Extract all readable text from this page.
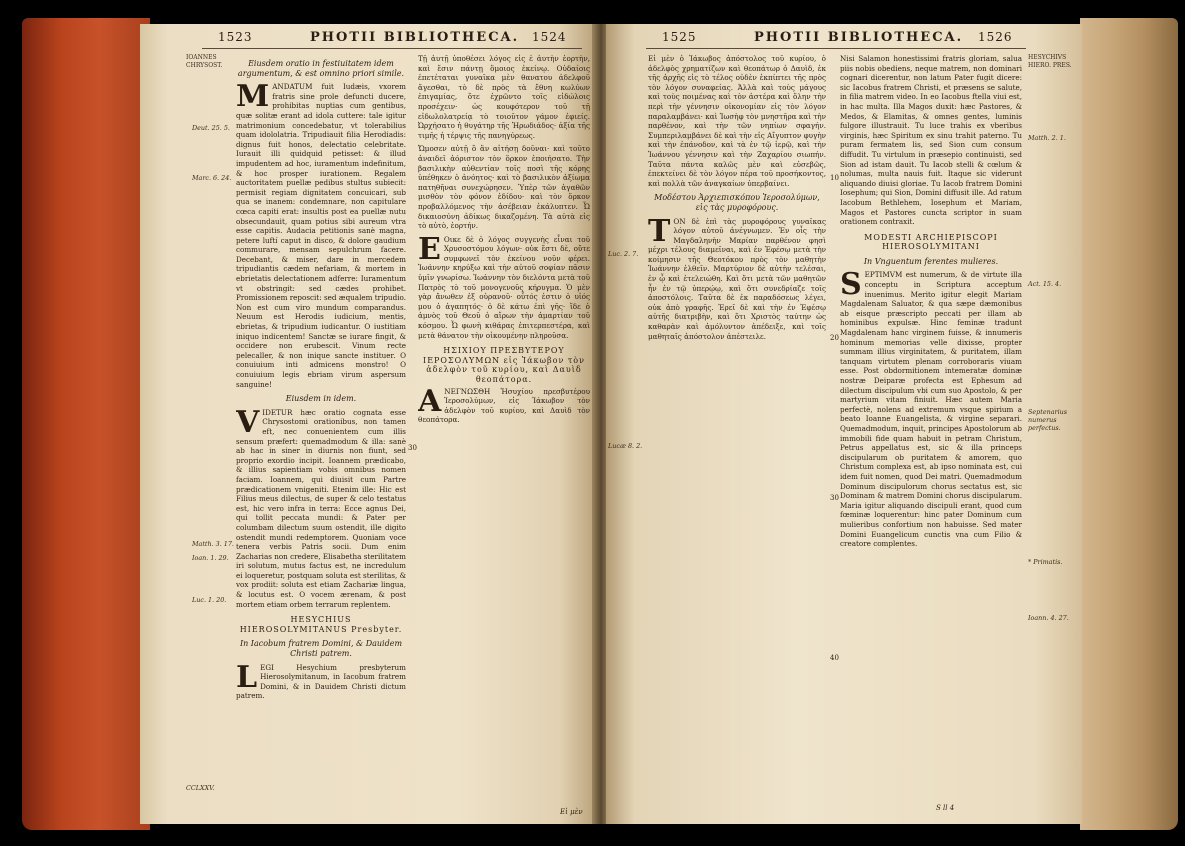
1523	PHOTII BIBLIOTHECA. 1524
IOANNES CHRYSOST.	Eiusdem oratio in festiuitatem idem argumentum, & est omnino priori simile.

MANDATUM fuit Iudæis, vxorem fratris sine prole defuncti ducere, prohibitas nuptias cum gentibus, quæ solitæ erant ad idola cuttere: tale igitur matrimonium concedebatur, vt tolerabilius quam idololatria. Tripudiauit filia Herodiadis: dignus fuit honos, delectatio celebritate. Iurauit illi quidquid petisset: & illud impudentem ad hoc, iuramentum indefinitum, & hoc prosper iurationem. Regalem auctoritatem puellæ pedibus stultus subiecit: permisit regiam dignitatem concuicari, sub qua se inanem: condemnare, non capitulare cœca capiti erat: insultis post ea puellæ nutu obsecundauit, quam potius sibi aureum vtra esse capitis. Audacia petitionis sanè magna, petere luftí caput in disco, & dolore gaudium commurare, mensam sepulchrum facere. Decebant, & miser, dare in mercedem tripudiantis cædem nefariam, & mortem in ebrietatis delectationem adferre: Iuramentum vt obstringit: sed cædes prohibet. Promissionem reposcit: sed æqualem tripudio. Non est cum viro mundum comparandus. Neuum est Herodis iudicium, mentis, ebrietas, & tripudium iudicantur. O iustitiam iniquo indicentem! Sanctæ se iurare fingit, & occidere non erubescit. Vinum recte pelecaller, & non inique sancte instituer. O conuiuium inti admicens monstro! O conuiuium legis ebriam virum aspersum sanguine!

Eiusdem in idem.

VIDETUR hæc oratio cognata esse Chrysostomi orationibus, non tamen eft, nec conuenientem cum illis sensum præfert: quemadmodum & illa: sanè ab hac in siner in diurnis non fiunt, sed proprio exordio incipit. Ioannem prædicabo, & illius sapientiam vobis omnibus nomen faciam. Ioannem, qui diuisit cum Partre prædicationem vnigeniti. Etenim ille: Hic est Filius meus dilectus, de super & celo testatus est, hic vero infra in terra: Ecce agnus Dei, qui tollit peccata mundi: & Pater per columbam dilectum suum ostendit, ille digito ostendit mundi redemptorem. Quoniam voce tenera verbis Patris socii. Dum enim Zacharias non credere, Elisabetha sterilitatem iri solutum, mutus factus est, ne incredulum ei loqueretur, postquam soluta est sterilitas, & vox prodiit: soluta est etiam Zachariæ lingua, & locutus est. O vocem ærenam, & post mortem etiam orbem terrarum replentem.

HESYCHIUS HIEROSOLYMITANUS Presbyter.
In Iacobum fratrem Domini, & Dauidem Christi patrem.

LEGI Hesychium presbyterum Hierosolymitanum, in Iacobum fratrem Domini, & in Dauidem Christi dictum patrem.

Τῇ ἀυτῇ ὑποθέσει λόγος εἰς ἑ ἀυτὴν ἑορτὴν, καὶ ἔσιν πάντῃ ὅμοιος ἐκείνῳ. Οὐδαίοις ἐπετέταται γυναῖκα μὲν θανατου ἀδελφοῦ ἄγεσθαι, τὸ δὲ πρὸς τὰ ἔθνη κωλύων ἐπιγαμίας, ὅτε ἐχρῶντο τοῖς εἰδώλοις προσέχειν· ὡς κουφότερον τοῦ τῇ εἰδωλολατρείᾳ τὸ τοιοῦτον γάμον ἐφιείς. Ὠρχήσατο ἡ θυγάτηρ τῆς Ἡρωδιάδος· ἀξία τῆς τιμῆς ἡ τέρψις τῆς πανηγύρεως.

Ὤμοσεν αὐτῇ ὃ ἂν αἰτήσῃ δοῦναι· καὶ τοῦτο ἀναιδεῖ ἀόριστον τὸν ὅρκον ἐποιήσατο. Τὴν βασιλικὴν αὐθεντίαν τοῖς ποσὶ τῆς κόρης ὑπέθηκεν ὁ ἀνόητος· καὶ τὸ βασιλικὸν ἀξίωμα πατηθῆναι συνεχώρησεν. Ὑπὲρ τῶν ἀγαθῶν μισθὸν τὸν φόνον ἐδίδου· καὶ τὸν ὅρκον προβαλλόμενος τὴν ἀσέβειαν ἐκάλυπτεν. Ὦ δικαιοσύνη ἀδίκως δικαζομένη. Τὰ αὐτὰ εἰς τὸ αὐτὸ, ἑορτήν.

Ε Οικε δὲ ὁ λόγος συγγενὴς εἶναι τοῦ Χρυσοστόμου λόγων· οὐκ ἔστι δὲ, οὔτε συμφωνεῖ τὸν ἐκείνου νοῦν φέρει. Ἰωάννην κηρύξω καὶ τὴν αὐτοῦ σοφίαν πᾶσιν ὑμῖν γνωρίσω. Ἰωάννην τὸν διελόντα μετὰ τοῦ Πατρὸς τὸ τοῦ μονογενοῦς κήρυγμα. Ὁ μὲν γὰρ ἄνωθεν ἐξ οὐρανοῦ· οὗτός ἐστιν ὁ υἱός μου ὁ ἀγαπητός· ὁ δὲ κάτω ἐπὶ γῆς· ἴδε ὁ ἀμνὸς τοῦ Θεοῦ ὁ αἴρων τὴν ἁμαρτίαν τοῦ κόσμου. Ὦ φωνὴ κιθάρας ἐπιτερπεστέρα, καὶ μετὰ θάνατον τὴν οἰκουμένην πληροῦσα.

ΗΣΙΧΙΟΥ ΠΡΕΣΒΥΤΕΡΟΥ ΙΕΡΟΣΟΛΥΜΩΝ εἰς Ἰάκωβον τὸν ἀδελφὸν τοῦ κυρίου, καὶ Δαυὶδ θεοπάτορα.

ΑΝΕΓΝΩΣΘΗ Ἡσυχίου πρεσβυτέρου Ἱεροσολύμων, εἰς Ἰάκωβον τὸν ἀδελφὸν τοῦ κυρίου, καὶ Δαυὶδ τὸν θεοπάτορα.

30
CCLXXV.
Εἰ μὲν
Deut. 25. 5.
Marc. 6. 24.
Matth. 3. 17.
Ioan. 1. 29.
Luc. 1. 20.
1525	PHOTII BIBLIOTHECA. 1526
HESYCHIVS HIERO. PRES.

Εἰ μὲν ὁ Ἰάκωβος ἀπόστολος τοῦ κυρίου, ὁ ἀδελφὸς χρηματίζων καὶ θεοπάτωρ ὁ Δαυὶδ, ἐκ τῆς ἀρχῆς εἰς τὸ τέλος οὐδὲν ἐκπίπτει τῆς πρὸς τὸν λόγον συναφείας. Ἀλλὰ καὶ τοὺς μάγους καὶ τοὺς ποιμένας καὶ τὸν ἀστέρα καὶ ὅλην τὴν περὶ τὴν γέννησιν οἰκονομίαν εἰς τὸν λόγον παραλαμβάνει· καὶ Ἰωσὴφ τὸν μνηστῆρα καὶ τὴν παρθένον, καὶ τὴν τῶν νηπίων σφαγήν. Συμπεριλαμβάνει δὲ καὶ τὴν εἰς Αἴγυπτον φυγὴν καὶ τὴν ἐπάνοδον, καὶ τὰ ἐν τῷ ἱερῷ, καὶ τὴν Ἰωάννου γέννησιν καὶ τὴν Ζαχαρίου σιωπήν. Ταῦτα πάντα καλῶς μὲν καὶ εὐσεβῶς, ἐπεκτείνει δὲ τὸν λόγον πέρα τοῦ προσήκοντος, καὶ πολλὰ τῶν ἀναγκαίων ὑπερβαίνει.

Μοδέστου Ἀρχιεπισκόπου Ἱεροσολύμων, εἰς τὰς μυροφόρους.

ΤΟΝ δὲ ἐπὶ τὰς μυροφόρους γυναῖκας λόγον αὐτοῦ ἀνέγνωμεν. Ἐν οἷς τὴν Μαγδαληνὴν Μαρίαν παρθένον φησὶ μέχρι τέλους διαμεῖναι, καὶ ἐν Ἐφέσῳ μετὰ τὴν κοίμησιν τῆς Θεοτόκου πρὸς τὸν μαθητὴν Ἰωάννην ἐλθεῖν. Μαρτύριον δὲ αὐτὴν τελέσαι, ἐν ᾧ καὶ ἐτελειώθη. Καὶ ὅτι μετὰ τῶν μαθητῶν ἦν ἐν τῷ ὑπερῴῳ, καὶ ὅτι συνεδρίαζε τοῖς ἀποστόλοις. Ταῦτα δὲ ἐκ παραδόσεως λέγει, οὐκ ἀπὸ γραφῆς. Ἐρεῖ δὲ καὶ τὴν ἐν Ἐφέσῳ αὐτῆς διατριβὴν, καὶ ὅτι Χριστὸς ταύτην ὡς καθαρὰν καὶ ἀμόλυντον ἀπέδειξε, καὶ τοῖς μαθηταῖς ἀπόστολον ἀπέστειλε.

Nisi Salamon honestissimi fratris gloriam, salua piis nobis obediens, neque matrem, non dominari cognari dicerentur, non latum Pater fugit dicere: sic Iacobus fratrem Christi, et præsens se salute, in filia matrem video. In eo Iacobus ftella viui est, in hac multa. Illa Magos duxit: hæc Pastores, & Medos, & Elamitas, & omnes gentes, luminis fulgore illustrauit. Tu luce trahis ex vberibus virginis, hæc Spiritum ex sinu trahit paterno. Tu puram fermatem lis, sed Sion cum consum diffudit. Tu virtulum in præsepio continuisti, sed Sion ad istam dauit. Tu Iacob stelli & cœlum & nolumas, multa nauis fuit. Itaque sic viderunt aliquando diuisi gloriae. Tu Iacob fratrem Domini Iosephum; qui Sion, Domini diffusit ille. Ad ratum Iacobum Bethlehem, Iosephum et Mariam, Magos et Pastores cuncta scriptor in suam orationem contraxit.

MODESTI ARCHIEPISCOPI HIEROSOLYMITANI
In Vnguentum ferentes mulieres.

SEPTIMVM est numerum, & de virtute illa conceptu in Scriptura acceptum inuenimus. Merito igitur elegit Mariam Magdalenam Saluator, & qua sæpe dæmonibus ab eisque præscripto peccati per illam ab hominibus expulsæ. Hinc feminæ tradunt Magdalenam hanc virginem fuisse, & innumeris hominum memorias velle dixisse, propter summam illius virginitatem, & puritatem, illam tanquam virtutem plenam corroboraris viuam esse. Post obdormitionem intemeratæ dominæ nostræ Deiparæ profecta est Ephesum ad dilectum discipulum vbi cum suo Apostolo, & per martyrium vitam finiuit. Hæc autem Maria perfectè, nolens ad extremum vsque spirium a beato Ioanne Euangelista, & virgine separari. Quemadmodum, inquit, principes Apostolorum ab immobili fide quam habuit in petram Christum, Petrus appellatus est, sic & illa princeps discipularum ob puritatem & amorem, quo Christum complexa est, ab ipso nominata est, cui idem fuit nomen, quod Dei matri. Quemadmodum Dominum discipulorum chorus sectatus est, sic Dominam & matrem Domini chorus discipularum. Maria igitur aliquando discipuli erant, quod cum fœminæ loquerentur: hinc pater Dominum cum mulieribus confortium non habuisse. Sed mater Domini Euangelicum cunctis vna cum Filio & creatore complentes.

10
20
30
40
Luc. 2. 7.
Lucæ 8. 2.
Matth. 2. 1.
Act. 15. 4.
Septenarius numerus perfectus.
Ioann. 4. 27.
* Primatis.
S ll 4
